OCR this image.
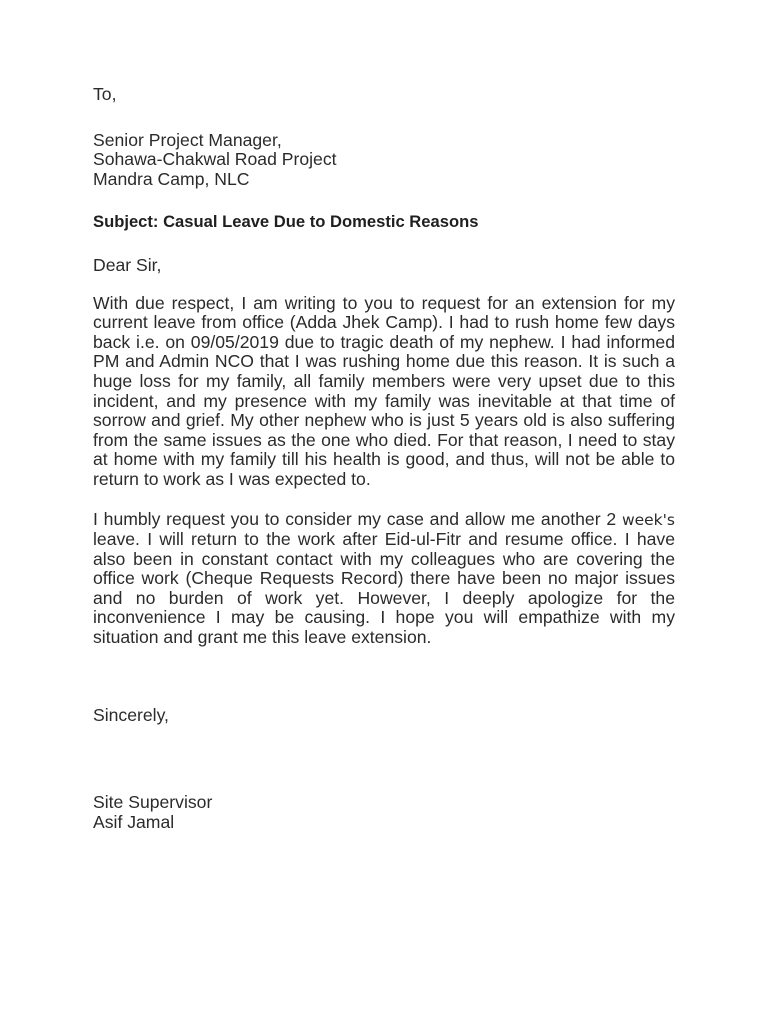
To,
Senior Project Manager,
Sohawa-Chakwal Road Project
Mandra Camp, NLC
Subject: Casual Leave Due to Domestic Reasons
Dear Sir,

With due respect, I am writing to you to request for an extension for my current leave from office (Adda Jhek Camp). I had to rush home few days back i.e. on 09/05/2019 due to tragic death of my nephew. I had informed PM and Admin NCO that I was rushing home due this reason. It is such a huge loss for my family, all family members were very upset due to this incident, and my presence with my family was inevitable at that time of sorrow and grief. My other nephew who is just 5 years old is also suffering from the same issues as the one who died. For that reason, I need to stay at home with my family till his health is good, and thus, will not be able to return to work as I was expected to.

I humbly request you to consider my case and allow me another 2 week's leave. I will return to the work after Eid-ul-Fitr and resume office. I have also been in constant contact with my colleagues who are covering the office work (Cheque Requests Record) there have been no major issues and no burden of work yet. However, I deeply apologize for the inconvenience I may be causing. I hope you will empathize with my situation and grant me this leave extension.

Sincerely,
Site Supervisor
Asif Jamal
